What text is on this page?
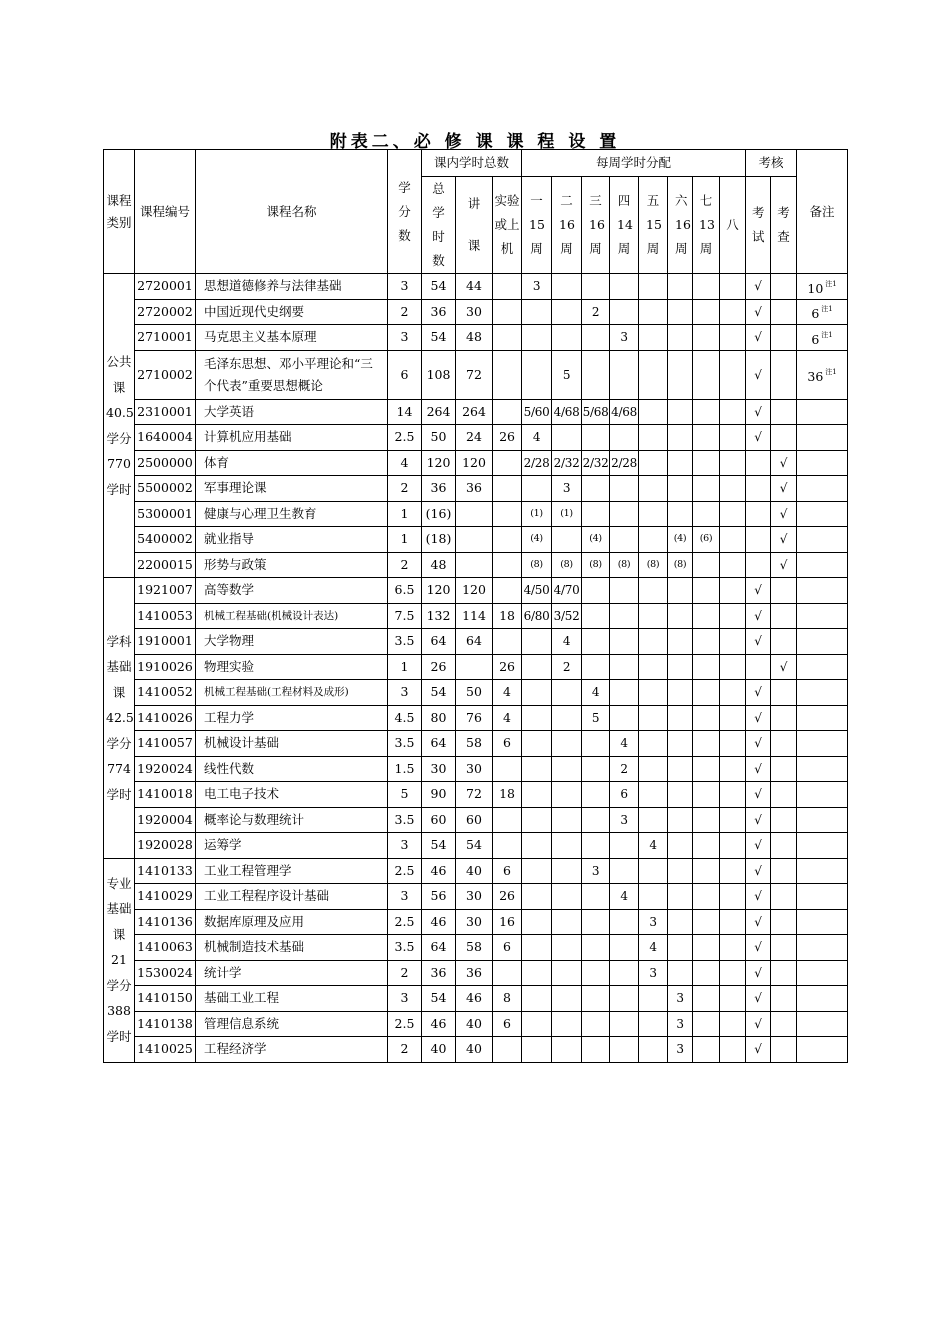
附表二、必 修 课 课 程 设 置
课程类别	课程编号	课程名称	学分数	课内学时总数			每周学时分配								考核		备注
				总学时数	讲课	实验或上机	一15周	二16周	三16周	四14周	五15周	六16周	七13周	八	考试	考查	
公共课40.5学分770学时	2720001	思想道德修养与法律基础	3	54	44		3								√		10 $^{注1}$
	2720002	中国近现代史纲要	2	36	30				2						√		6 $^{注1}$
	2710001	马克思主义基本原理	3	54	48					3					√		6 $^{注1}$
	2710002	毛泽东思想、邓小平理论和“三个代表”重要思想概论	6	108	72			5							√		36 $^{注1}$
	2310001	大学英语	14	264	264		5/60	4/68	5/68	4/68					√		
	1640004	计算机应用基础	2.5	50	24	26	4								√		
	2500000	体育	4	120	120		2/28	2/32	2/32	2/28						√	
	5500002	军事理论课	2	36	36			3								√	
	5300001	健康与心理卫生教育	1	(16)			(1)	(1)								√	
	5400002	就业指导	1	(18)			(4)		(4)			(4)	(6)			√	
	2200015	形势与政策	2	48			(8)	(8)	(8)	(8)	(8)	(8)				√	
学科基础课42.5学分774学时	1921007	高等数学	6.5	120	120		4/50	4/70							√		
	1410053	机械工程基础(机械设计表达)	7.5	132	114	18	6/80	3/52							√		
	1910001	大学物理	3.5	64	64			4							√		
	1910026	物理实验	1	26		26		2								√	
	1410052	机械工程基础(工程材料及成形)	3	54	50	4			4						√		
	1410026	工程力学	4.5	80	76	4			5						√		
	1410057	机械设计基础	3.5	64	58	6				4					√		
	1920024	线性代数	1.5	30	30					2					√		
	1410018	电工电子技术	5	90	72	18				6					√		
	1920004	概率论与数理统计	3.5	60	60					3					√		
	1920028	运筹学	3	54	54						4				√		
专业基础课21学分388学时	1410133	工业工程管理学	2.5	46	40	6			3						√		
	1410029	工业工程程序设计基础	3	56	30	26				4					√		
	1410136	数据库原理及应用	2.5	46	30	16					3				√		
	1410063	机械制造技术基础	3.5	64	58	6					4				√		
	1530024	统计学	2	36	36						3				√		
	1410150	基础工业工程	3	54	46	8						3			√		
	1410138	管理信息系统	2.5	46	40	6						3			√		
	1410025	工程经济学	2	40	40							3			√		
